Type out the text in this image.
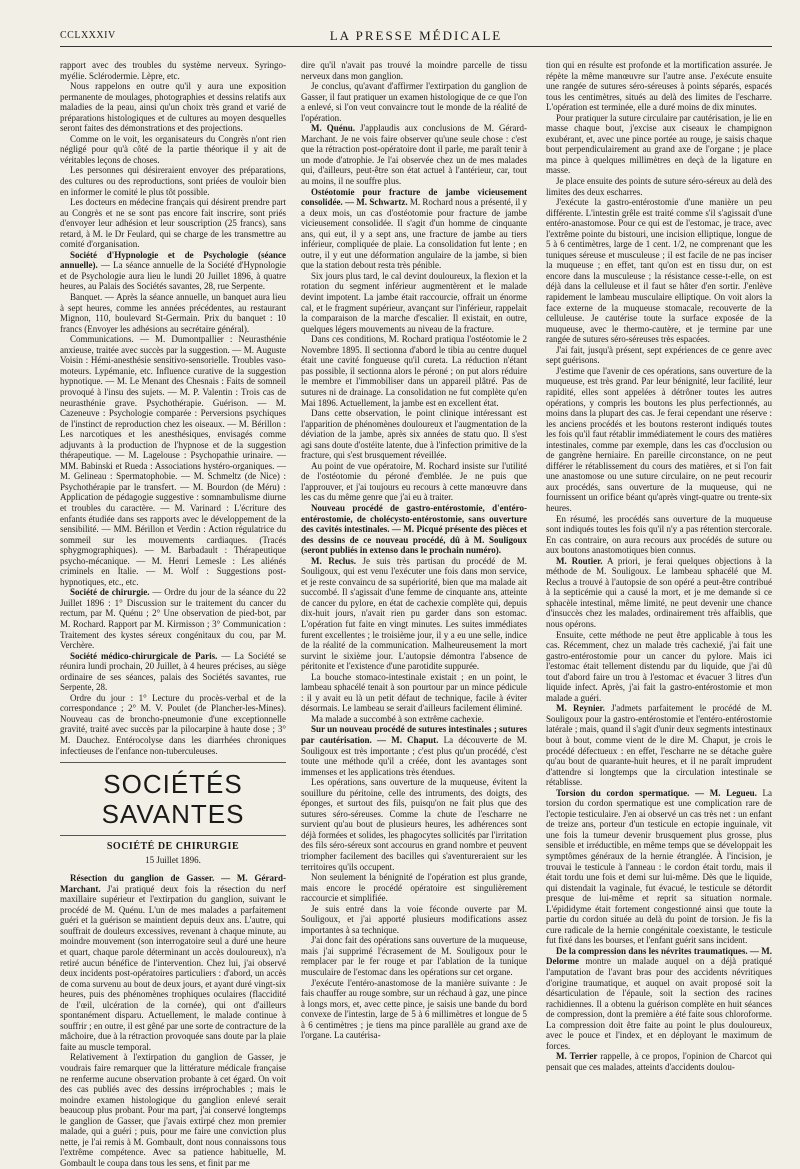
CCLXXXIV	LA PRESSE MÉDICALE

rapport avec des troubles du système nerveux. Syringo-myélie. Sclérodermie. Lèpre, etc.

Nous rappelons en outre qu'il y aura une exposition permanente de moulages, photographies et dessins relatifs aux maladies de la peau, ainsi qu'un choix très grand et varié de préparations histologiques et de cultures au moyen desquelles seront faites des démonstrations et des projections.

Comme on le voit, les organisateurs du Congrès n'ont rien négligé pour qu'à côté de la partie théorique il y ait de véritables leçons de choses.

Les personnes qui désireraient envoyer des préparations, des cultures ou des reproductions, sont priées de vouloir bien en informer le comité le plus tôt possible.

Les docteurs en médecine français qui désirent prendre part au Congrès et ne se sont pas encore fait inscrire, sont priés d'envoyer leur adhésion et leur souscription (25 francs), sans retard, à M. le Dr Feulard, qui se charge de les transmettre au comité d'organisation.

Société d'Hypnologie et de Psychologie (séance annuelle). — La séance annuelle de la Société d'Hypnologie et de Psychologie aura lieu le lundi 20 Juillet 1896, à quatre heures, au Palais des Sociétés savantes, 28, rue Serpente.

Banquet. — Après la séance annuelle, un banquet aura lieu à sept heures, comme les années précédentes, au restaurant Mignon, 110, boulevard St-Germain. Prix du banquet : 10 francs (Envoyer les adhésions au secrétaire général).

Communications. — M. Dumontpallier : Neurasthénie anxieuse, traitée avec succès par la suggestion. — M. Auguste Voisin : Hémi-anesthésie sensitivo-sensorielle. Troubles vaso-moteurs. Lypémanie, etc. Influence curative de la suggestion hypnotique. — M. Le Menant des Chesnais : Faits de somneil provoqué à l'insu des sujets. — M. P. Valentin : Trois cas de neurasthénie grave. Psychothérapie. Guérison. — M. Cazeneuve : Psychologie comparée : Perversions psychiques de l'instinct de reproduction chez les oiseaux. — M. Bérillon : Les narcotiques et les anesthésiques, envisagés comme adjuvants à la production de l'hypnose et de la suggestion thérapeutique. — M. Lagelouse : Psychopathie urinaire. — MM. Babinski et Rueda : Associations hystéro-organiques. — M. Gelineau : Spermatophobie. — M. Schmeltz (de Nice) : Psychothérapie par le transfert. — M. Bourdon (de Méru) : Application de pédagogie suggestive : somnambulisme diurne et troubles du caractère. — M. Varinard : L'écriture des enfants étudiée dans ses rapports avec le développement de la sensibilité. — MM. Bérillon et Verdin : Action régulatrice du sommeil sur les mouvements cardiaques. (Tracés sphygmographiques). — M. Barbadault : Thérapeutique psycho-mécanique. — M. Henri Lemesle : Les aliénés criminels en Italie. — M. Wolf : Suggestions post-hypnotiques, etc., etc.

Société de chirurgie. — Ordre du jour de la séance du 22 Juillet 1896 : 1° Discussion sur le traitement du cancer du rectum, par M. Quénu ; 2° Une observation de pied-bot, par M. Rochard. Rapport par M. Kirmisson ; 3° Communication : Traitement des kystes séreux congénitaux du cou, par M. Verchère.

Société médico-chirurgicale de Paris. — La Société se réunira lundi prochain, 20 Juillet, à 4 heures précises, au siège ordinaire de ses séances, palais des Sociétés savantes, rue Serpente, 28.

Ordre du jour : 1° Lecture du procès-verbal et de la correspondance ; 2° M. V. Poulet (de Plancher-les-Mines). Nouveau cas de broncho-pneumonie d'une exceptionnelle gravité, traité avec succès par la pilocarpine à haute dose ; 3° M. Dauchez. Entérocolyse dans les diarrhées chroniques infectieuses de l'enfance non-tuberculeuses.

SOCIÉTÉS SAVANTES
SOCIÉTÉ DE CHIRURGIE
15 Juillet 1896.

Résection du ganglion de Gasser. — M. Gérard-Marchant. J'ai pratiqué deux fois la résection du nerf maxillaire supérieur et l'extirpation du ganglion, suivant le procédé de M. Quénu. L'un de mes malades a parfaitement guéri et la guérison se maintient depuis deux ans. L'autre, qui souffrait de douleurs excessives, revenant à chaque minute, au moindre mouvement (son interrogatoire seul a duré une heure et quart, chaque parole déterminant un accès douloureux), n'a retiré aucun bénéfice de l'intervention. Chez lui, j'ai observé deux incidents post-opératoires particuliers : d'abord, un accès de coma survenu au bout de deux jours, et ayant duré vingt-six heures, puis des phénomènes trophiques oculaires (flaccidité de l'œil, ulcération de la cornée), qui ont d'ailleurs spontanément disparu. Actuellement, le malade continue à souffrir ; en outre, il est gêné par une sorte de contracture de la mâchoire, due à la rétraction provoquée sans doute par la plaie faite au muscle temporal.

Relativement à l'extirpation du ganglion de Gasser, je voudrais faire remarquer que la littérature médicale française ne renferme aucune observation probante à cet égard. On voit des cas publiés avec des dessins irréprochables ; mais le moindre examen histologique du ganglion enlevé serait beaucoup plus probant. Pour ma part, j'ai conservé longtemps le ganglion de Gasser, que j'avais extirpé chez mon premier malade, qui a guéri ; puis, pour me faire une conviction plus nette, je l'ai remis à M. Gombault, dont nous connaissons tous l'extrême compétence. Avec sa patience habituelle, M. Gombault le coupa dans tous les sens, et finit par me

dire qu'il n'avait pas trouvé la moindre parcelle de tissu nerveux dans mon ganglion.

Je conclus, qu'avant d'affirmer l'extirpation du ganglion de Gasser, il faut pratiquer un examen histologique de ce que l'on a enlevé, si l'on veut convaincre tout le monde de la réalité de l'opération.

M. Quénu. J'applaudis aux conclusions de M. Gérard-Marchant. Je ne vois faire observer qu'une seule chose : c'est que la rétraction post-opératoire dont il parle, me paraît tenir à un mode d'atrophie. Je l'ai observée chez un de mes malades qui, d'ailleurs, peut-être son état actuel à l'antérieur, car, tout au moins, il ne souffre plus.

Ostéotomie pour fracture de jambe vicieusement consolidée. — M. Schwartz. M. Rochard nous a présenté, il y a deux mois, un cas d'ostéotomie pour fracture de jambe vicieusement consolidée. Il s'agit d'un homme de cinquante ans, qui eut, il y a sept ans, une fracture de jambe au tiers inférieur, compliquée de plaie. La consolidation fut lente ; en outre, il y eut une déformation angulaire de la jambe, si bien que la station debout resta très pénible.

Six jours plus tard, le cal devint douloureux, la flexion et la rotation du segment inférieur augmentèrent et le malade devint impotent. La jambe était raccourcie, offrait un énorme cal, et le fragment supérieur, avançant sur l'inférieur, rappelait la comparaison de la marche d'escalier. Il existait, en outre, quelques légers mouvements au niveau de la fracture.

Dans ces conditions, M. Rochard pratiqua l'ostéotomie le 2 Novembre 1895. Il sectionna d'abord le tibia au centre duquel était une cavité fongueuse qu'il cureta. La réduction n'étant pas possible, il sectionna alors le péroné ; on put alors réduire le membre et l'immobiliser dans un appareil plâtré. Pas de sutures ni de drainage. La consolidation ne fut complète qu'en Mai 1896. Actuellement, la jambe est en excellent état.

Dans cette observation, le point clinique intéressant est l'apparition de phénomènes douloureux et l'augmentation de la déviation de la jambe, après six années de statu quo. Il s'est agi sans doute d'ostéite latente, due à l'infection primitive de la fracture, qui s'est brusquement réveillée.

Au point de vue opératoire, M. Rochard insiste sur l'utilité de l'ostéotomie du péroné d'emblée. Je ne puis que l'approuver, et j'ai toujours eu recours à cette manœuvre dans les cas du même genre que j'ai eu à traiter.

Nouveau procédé de gastro-entérostomie, d'entéro-entérostomie, de cholécysto-entérostomie, sans ouverture des cavités intestinales. — M. Picqué présente des pièces et des dessins de ce nouveau procédé, dû à M. Souligoux (seront publiés in extenso dans le prochain numéro).

M. Reclus. Je suis très partisan du procédé de M. Souligoux, qui est venu l'exécuter une fois dans mon service, et je reste convaincu de sa supériorité, bien que ma malade ait succombé. Il s'agissait d'une femme de cinquante ans, atteinte de cancer du pylore, en état de cachexie complète qui, depuis dix-huit jours, n'avait rien pu garder dans son estomac. L'opération fut faite en vingt minutes. Les suites immédiates furent excellentes ; le troisième jour, il y a eu une selle, indice de la réalité de la communication. Malheureusement la mort survint le sixième jour. L'autopsie démontra l'absence de péritonite et l'existence d'une parotidite suppurée.

La bouche stomaco-intestinale existait ; en un point, le lambeau sphacélé tenait à son pourtour par un mince pédicule : il y avait eu là un petit défaut de technique, facile à éviter désormais. Le lambeau se serait d'ailleurs facilement éliminé.

Ma malade a succombé à son extrême cachexie.

Sur un nouveau procédé de sutures intestinales ; sutures par cautérisation. — M. Chaput. La découverte de M. Souligoux est très importante ; c'est plus qu'un procédé, c'est toute une méthode qu'il a créée, dont les avantages sont immenses et les applications très étendues.

Les opérations, sans ouverture de la muqueuse, évitent la souillure du péritoine, celle des intruments, des doigts, des éponges, et surtout des fils, puisqu'on ne fait plus que des sutures séro-séreuses. Comme la chute de l'escharre ne survient qu'au bout de plusieurs heures, les adhérences sont déjà formées et solides, les phagocytes sollicités par l'irritation des fils séro-séreux sont accourus en grand nombre et peuvent triompher facilement des bacilles qui s'aventureraient sur les territoires qu'ils occupent.

Non seulement la bénignité de l'opération est plus grande, mais encore le procédé opératoire est singulièrement raccourcie et simplifiée.

Je suis entré dans la voie féconde ouverte par M. Souligoux, et j'ai apporté plusieurs modifications assez importantes à sa technique.

J'ai donc fait des opérations sans ouverture de la muqueuse, mais j'ai supprimé l'écrasement de M. Souligoux pour le remplacer par le fer rouge et par l'ablation de la tunique musculaire de l'estomac dans les opérations sur cet organe.

J'exécute l'entéro-anastomose de la manière suivante : Je fais chauffer au rouge sombre, sur un réchaud à gaz, une pince à longs mors, et, avec cette pince, je saisis une bande du bord convexe de l'intestin, large de 5 à 6 millimètres et longue de 5 à 6 centimètres ; je tiens ma pince parallèle au grand axe de l'organe. La cautérisa-

tion qui en résulte est profonde et la mortification assurée. Je répète la même manœuvre sur l'autre anse. J'exécute ensuite une rangée de sutures séro-séreuses à points séparés, espacés tous les centimètres, situés au delà des limites de l'escharre. L'opération est terminée, elle a duré moins de dix minutes.

Pour pratiquer la suture circulaire par cautérisation, je lie en masse chaque bout, j'excise aux ciseaux le champignon exubérant, et, avec une pince portée au rouge, je saisis chaque bout perpendiculairement au grand axe de l'organe ; je place ma pince à quelques millimètres en deçà de la ligature en masse.

Je place ensuite des points de suture séro-séreux au delà des limites des deux escharres.

J'exécute la gastro-entérostomie d'une manière un peu différente. L'intestin grêle est traité comme s'il s'agissait d'une entéro-anastomose. Pour ce qui est de l'estomac, je trace, avec l'extrême pointe du bistouri, une incision elliptique, longue de 5 à 6 centimètres, large de 1 cent. 1/2, ne comprenant que les tuniques séreuse et musculeuse ; il est facile de ne pas inciser la muqueuse ; en effet, tant qu'on est en tissu dur, on est encore dans la musculeuse ; la résistance cesse-t-elle, on est déjà dans la celluleuse et il faut se hâter d'en sortir. J'enlève rapidement le lambeau musculaire elliptique. On voit alors la face externe de la muqueuse stomacale, recouverte de la celluleuse. Je cautérise toute la surface exposée de la muqueuse, avec le thermo-cautère, et je termine par une rangée de sutures séro-séreuses très espacées.

J'ai fait, jusqu'à présent, sept expériences de ce genre avec sept guérisons.

J'estime que l'avenir de ces opérations, sans ouverture de la muqueuse, est très grand. Par leur bénignité, leur facilité, leur rapidité, elles sont appelées à détrôner toutes les autres opérations, y compris les boutons les plus perfectionnés, au moins dans la plupart des cas. Je ferai cependant une réserve : les anciens procédés et les boutons resteront indiqués toutes les fois qu'il faut rétablir immédiatement le cours des matières intestinales, comme par exemple, dans les cas d'occlusion ou de gangrène herniaire. En pareille circonstance, on ne peut différer le rétablissement du cours des matières, et si l'on fait une anastomose ou une suture circulaire, on ne peut recourir aux procédés, sans ouverture de la muqueuse, qui ne fournissent un orifice béant qu'après vingt-quatre ou trente-six heures.

En résumé, les procédés sans ouverture de la muqueuse sont indiqués toutes les fois qu'il n'y a pas rétention stercorale. En cas contraire, on aura recours aux procédés de suture ou aux boutons anastomotiques bien connus.

M. Routier. A priori, je ferai quelques objections à la méthode de M. Souligoux. Le lambeau sphacélé que M. Reclus a trouvé à l'autopsie de son opéré a peut-être contribué à la septicémie qui a causé la mort, et je me demande si ce sphacèle intestinal, même limité, ne peut devenir une chance d'insuccès chez les malades, ordinairement très affaiblis, que nous opérons.

Ensuite, cette méthode ne peut être applicable à tous les cas. Récemment, chez un malade très cachexié, j'ai fait une gastro-entérostomie pour un cancer du pylore. Mais ici l'estomac était tellement distendu par du liquide, que j'ai dû tout d'abord faire un trou à l'estomac et évacuer 3 litres d'un liquide infect. Après, j'ai fait la gastro-entérostomie et mon malade a guéri.

M. Reynier. J'admets parfaitement le procédé de M. Souligoux pour la gastro-entérostomie et l'entéro-entérostomie latérale ; mais, quand il s'agit d'unir deux segments intestinaux bout à bout, comme vient de le dire M. Chaput, je crois le procédé défectueux : en effet, l'escharre ne se détache guère qu'au bout de quarante-huit heures, et il ne paraît imprudent d'attendre si longtemps que la circulation intestinale se rétablisse.

Torsion du cordon spermatique. — M. Legueu. La torsion du cordon spermatique est une complication rare de l'ectopie testiculaire. J'en ai observé un cas très net : un enfant de treize ans, porteur d'un testicule en ectopie inguinale, vit une fois la tumeur devenir brusquement plus grosse, plus sensible et irréductible, en même temps que se développait les symptômes généraux de la hernie étranglée. À l'incision, je trouvai le testicule à l'anneau : le cordon était tordu, mais il était tordu une fois et demi sur lui-même. Dès que le liquide, qui distendait la vaginale, fut évacué, le testicule se détordit presque de lui-même et reprit sa situation normale. L'épididyme était fortement congestionné ainsi que toute la partie du cordon située au delà du point de torsion. Je fis la cure radicale de la hernie congénitale coexistante, le testicule fut fixé dans les bourses, et l'enfant guérit sans incident.

De la compression dans les névrites traumatiques. — M. Delorme montre un malade auquel on a déjà pratiqué l'amputation de l'avant bras pour des accidents névritiques d'origine traumatique, et auquel on avait proposé soit la désarticulation de l'épaule, soit la section des racines rachidiennes. Il a obtenu la guérison complète en huit séances de compression, dont la première a été faite sous chloroforme. La compression doit être faite au point le plus douloureux, avec le pouce et l'index, et en déployant le maximum de forces.

M. Terrier rappelle, à ce propos, l'opinion de Charcot qui pensait que ces malades, atteints d'accidents doulou-
